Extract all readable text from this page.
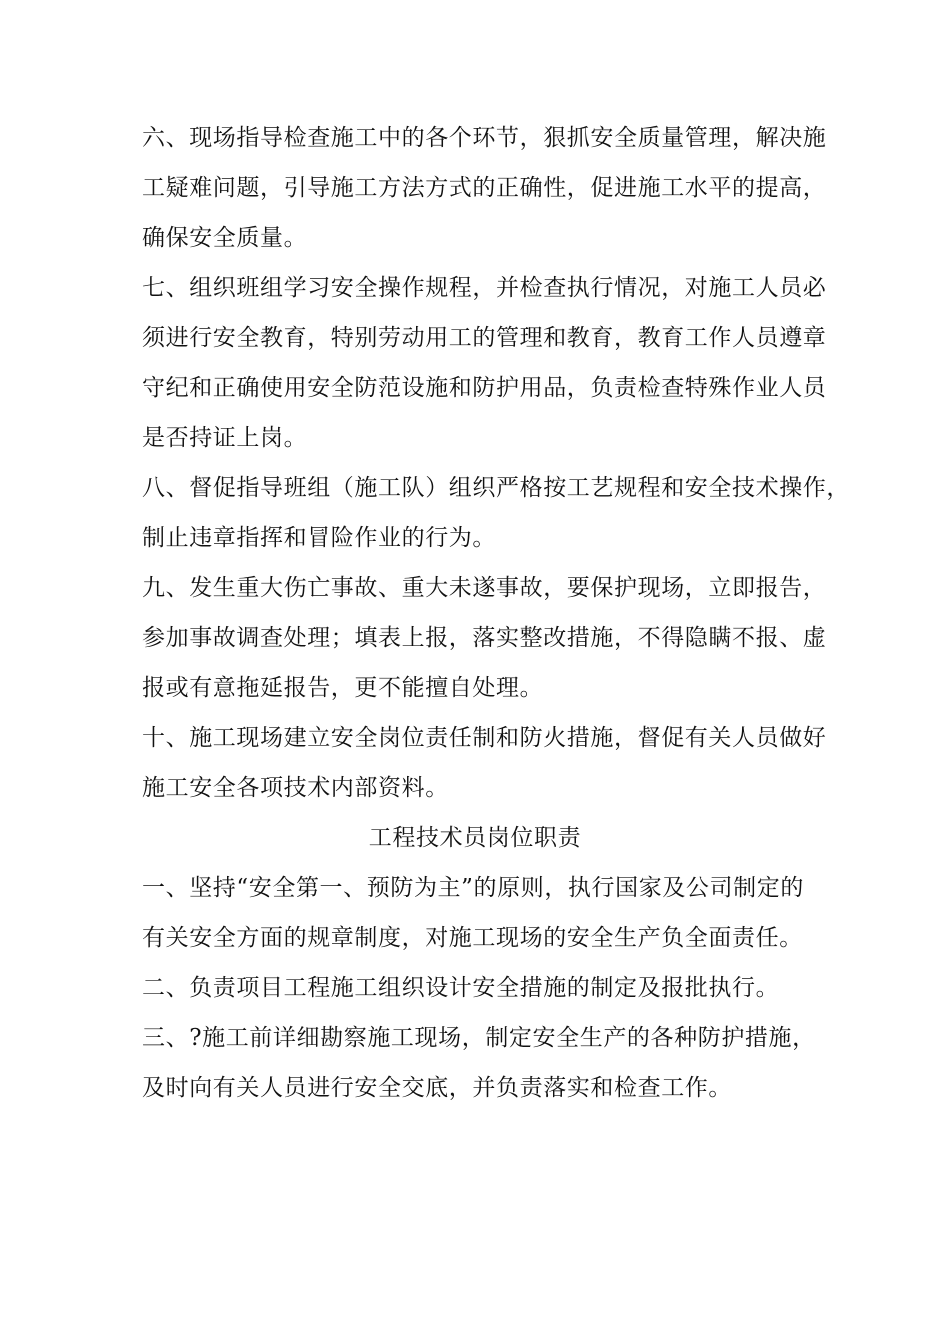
六、现场指导检查施工中的各个环节，狠抓安全质量管理，解决施
工疑难问题，引导施工方法方式的正确性，促进施工水平的提高，
确保安全质量。
七、组织班组学习安全操作规程，并检查执行情况，对施工人员必
须进行安全教育，特别劳动用工的管理和教育，教育工作人员遵章
守纪和正确使用安全防范设施和防护用品，负责检查特殊作业人员
是否持证上岗。
八、督促指导班组（施工队）组织严格按工艺规程和安全技术操作，
制止违章指挥和冒险作业的行为。
九、发生重大伤亡事故、重大未遂事故，要保护现场，立即报告，
参加事故调查处理；填表上报，落实整改措施，不得隐瞒不报、虚
报或有意拖延报告，更不能擅自处理。
十、施工现场建立安全岗位责任制和防火措施，督促有关人员做好
施工安全各项技术内部资料。
工程技术员岗位职责
一、坚持“安全第一、预防为主”的原则，执行国家及公司制定的
有关安全方面的规章制度，对施工现场的安全生产负全面责任。
二、负责项目工程施工组织设计安全措施的制定及报批执行。
三、?施工前详细勘察施工现场，制定安全生产的各种防护措施，
及时向有关人员进行安全交底，并负责落实和检查工作。
